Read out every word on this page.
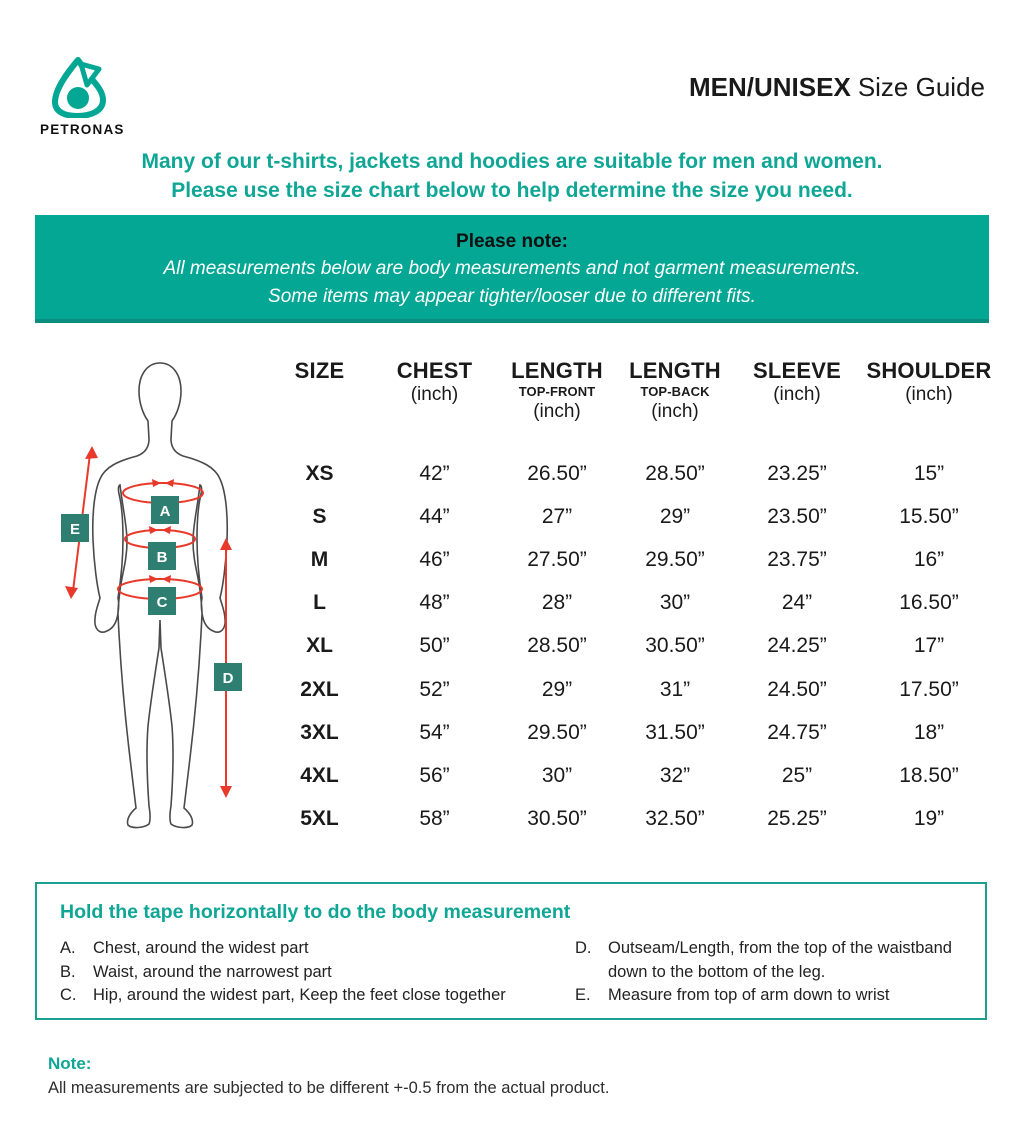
PETRONAS
MEN/UNISEX Size Guide
Many of our t-shirts, jackets and hoodies are suitable for men and women.
Please use the size chart below to help determine the size you need.
Please note:
All measurements below are body measurements and not garment measurements.
Some items may appear tighter/looser due to different fits.
A
B
C
D
E
SIZE	CHEST
(inch)

LENGTH
TOP-FRONT
(inch)

LENGTH
TOP-BACK
(inch)

SLEEVE
(inch)

SHOULDER
(inch)

XS	42”	26.50”	28.50”	23.25”	15”
S	44”	27”	29”	23.50”	15.50”
M	46”	27.50”	29.50”	23.75”	16”
L	48”	28”	30”	24”	16.50”
XL	50”	28.50”	30.50”	24.25”	17”
2XL	52”	29”	31”	24.50”	17.50”
3XL	54”	29.50”	31.50”	24.75”	18”
4XL	56”	30”	32”	25”	18.50”
5XL	58”	30.50”	32.50”	25.25”	19”
Hold the tape horizontally to do the body measurement
A.	Chest, around the widest part
B.	Waist, around the narrowest part
C.	Hip, around the widest part, Keep the feet close together
D.	Outseam/Length, from the top of the waistband down to the bottom of the leg.
E.	Measure from top of arm down to wrist
Note:
All measurements are subjected to be different +-0.5 from the actual product.
